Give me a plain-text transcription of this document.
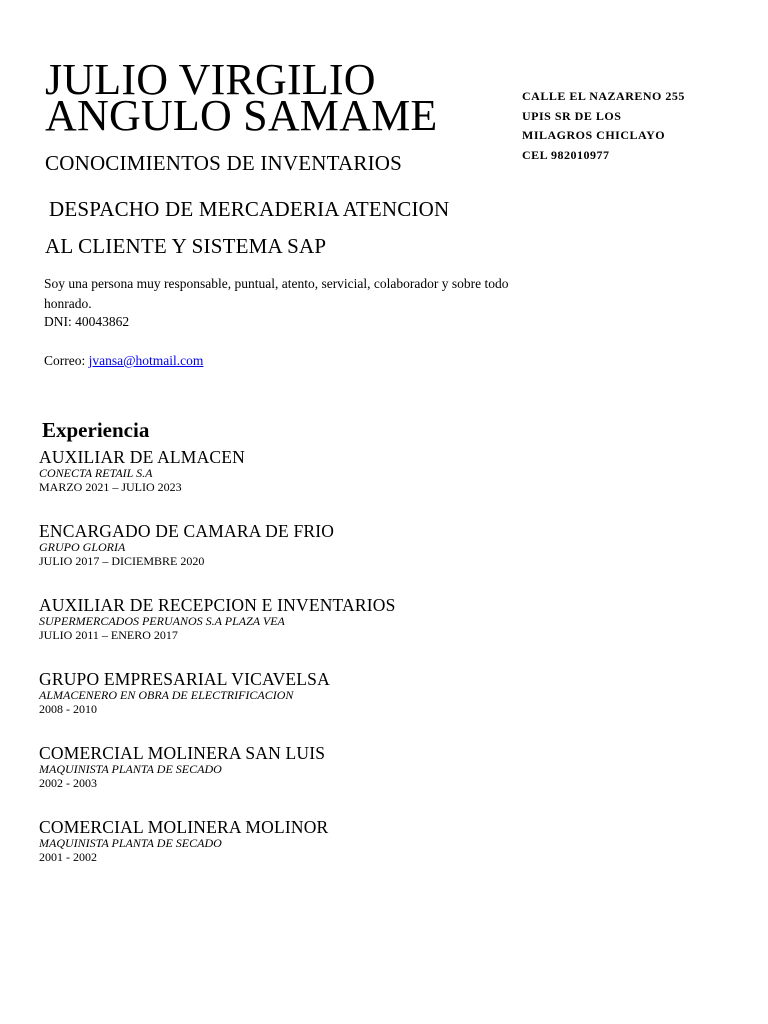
JULIO VIRGILIO
ANGULO SAMAME	CALLE EL NAZARENO 255
UPIS SR DE LOS
MILAGROS CHICLAYO
CEL 982010977
CONOCIMIENTOS DE INVENTARIOS
DESPACHO DE MERCADERIA ATENCION
AL CLIENTE Y SISTEMA SAP
Soy una persona muy responsable, puntual, atento, servicial, colaborador y sobre todo honrado.
DNI: 40043862
Correo: jvansa@hotmail.com
Experiencia
AUXILIAR DE ALMACEN
CONECTA RETAIL S.A
MARZO 2021 – JULIO 2023
ENCARGADO DE CAMARA DE FRIO
GRUPO GLORIA
JULIO 2017 – DICIEMBRE 2020
AUXILIAR DE RECEPCION E INVENTARIOS
SUPERMERCADOS PERUANOS S.A PLAZA VEA
JULIO 2011 – ENERO 2017
GRUPO EMPRESARIAL VICAVELSA
ALMACENERO EN OBRA DE ELECTRIFICACION
2008 - 2010
COMERCIAL MOLINERA SAN LUIS
MAQUINISTA PLANTA DE SECADO
2002 - 2003
COMERCIAL MOLINERA MOLINOR
MAQUINISTA PLANTA DE SECADO
2001 - 2002
